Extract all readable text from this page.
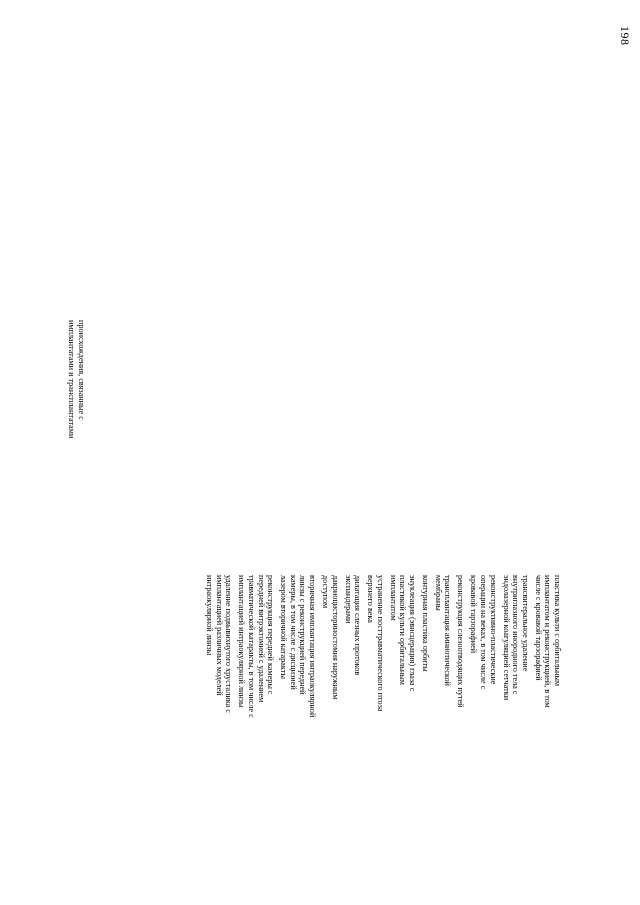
198
происхождения, связанные с
имплантатами и трансплантатами
пластика культи с орбитальным
имплантатом и реконструкцией, в том
числе с кровавой тарзорафией
трансвитеральное удаление
внутриглазного инородного тела с
эндолазерной коагуляцией сетчатки
реконструктивно-пластические
операции на веках, в том числе с
кровавой тарзорафией
реконструкция слезоотводящих путей
трансплантация амниотической
мембраны
контурная пластика орбиты
энуклеация (эвисцерация) глаза с
пластикой культи орбитальным
имплантатом
устранение посттравматического птоза
верхнего века
дилатация слезных протоков
экспандерами
дакриоцисториностомия наружным
доступом
вторичная имплантация интраокулярной
линзы с реконструкцией передней
камеры, в том числе с дисцизией
лазером вторичной катаракты
реконструкция передней камеры с
передней витрэктомией с удалением
травматической катаракты, в том числе с
имплантацией интраокулярной линзы
удаление подвывихнутого хрусталика с
имплантацией различных моделей
интраокулярной линзы
